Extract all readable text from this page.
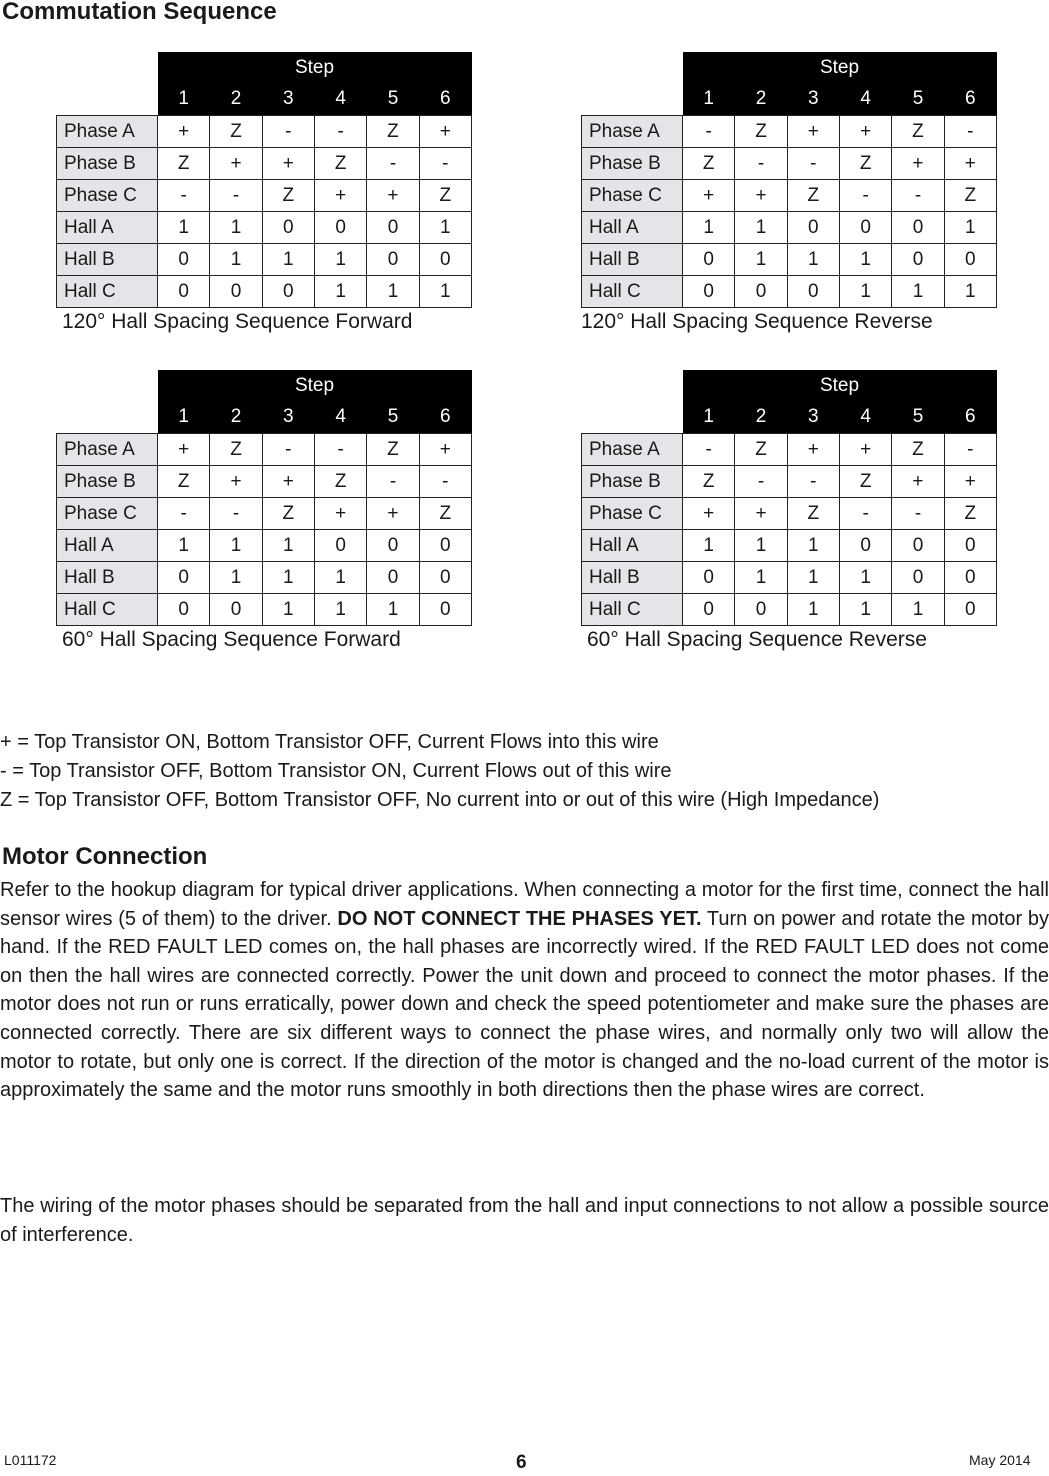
Commutation Sequence
	Step					
	1	2	3	4	5	6
Phase A	+	Z	-	-	Z	+
Phase B	Z	+	+	Z	-	-
Phase C	-	-	Z	+	+	Z
Hall A	1	1	0	0	0	1
Hall B	0	1	1	1	0	0
Hall C	0	0	0	1	1	1
120° Hall Spacing Sequence Forward
	Step					
	1	2	3	4	5	6
Phase A	-	Z	+	+	Z	-
Phase B	Z	-	-	Z	+	+
Phase C	+	+	Z	-	-	Z
Hall A	1	1	0	0	0	1
Hall B	0	1	1	1	0	0
Hall C	0	0	0	1	1	1
120° Hall Spacing Sequence Reverse
	Step					
	1	2	3	4	5	6
Phase A	+	Z	-	-	Z	+
Phase B	Z	+	+	Z	-	-
Phase C	-	-	Z	+	+	Z
Hall A	1	1	1	0	0	0
Hall B	0	1	1	1	0	0
Hall C	0	0	1	1	1	0
60° Hall Spacing Sequence Forward
	Step					
	1	2	3	4	5	6
Phase A	-	Z	+	+	Z	-
Phase B	Z	-	-	Z	+	+
Phase C	+	+	Z	-	-	Z
Hall A	1	1	1	0	0	0
Hall B	0	1	1	1	0	0
Hall C	0	0	1	1	1	0
60° Hall Spacing Sequence Reverse
+ = Top Transistor ON, Bottom Transistor OFF, Current Flows into this wire
- = Top Transistor OFF, Bottom Transistor ON, Current Flows out of this wire
Z = Top Transistor OFF, Bottom Transistor OFF, No current into or out of this wire (High Impedance)
Motor Connection

Refer to the hookup diagram for typical driver applications. When connecting a motor for the first time, connect the hall sensor wires (5 of them) to the driver. DO NOT CONNECT THE PHASES YET. Turn on power and rotate the motor by hand. If the RED FAULT LED comes on, the hall phases are incorrectly wired. If the RED FAULT LED does not come on then the hall wires are connected correctly. Power the unit down and proceed to connect the motor phases. If the motor does not run or runs erratically, power down and check the speed potentiometer and make sure the phases are connected correctly. There are six different ways to connect the phase wires, and normally only two will allow the motor to rotate, but only one is correct. If the direction of the motor is changed and the no-load current of the motor is approximately the same and the motor runs smoothly in both directions then the phase wires are correct.

The wiring of the motor phases should be separated from the hall and input connections to not allow a possible source of interference.

L011172	6	May 2014
